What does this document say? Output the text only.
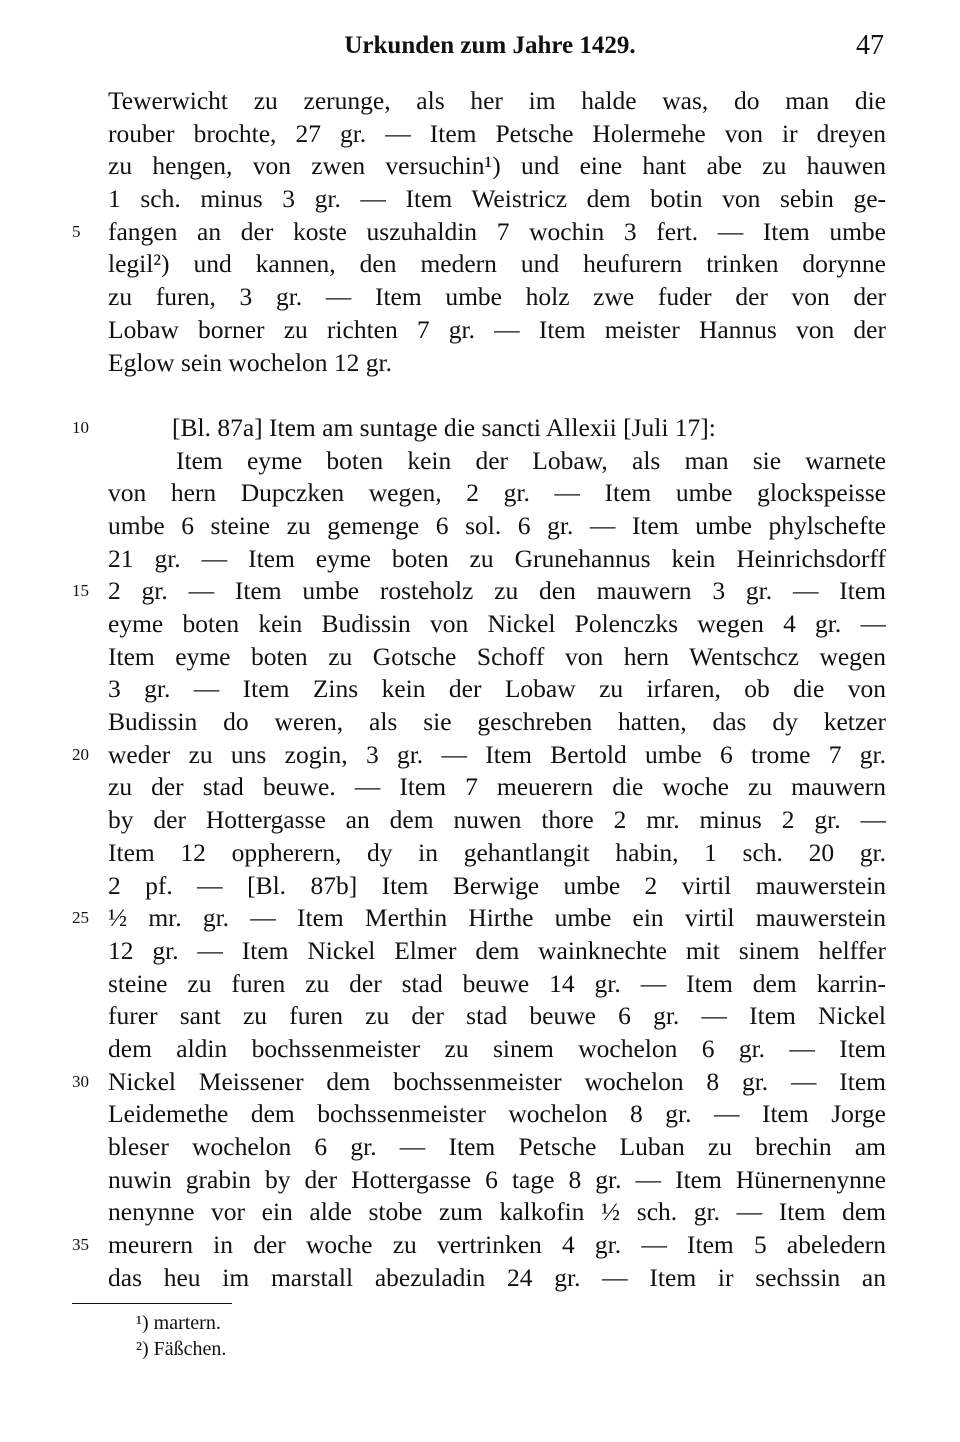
Urkunden zum Jahre 1429.	47
5
10
15
20
25
30
35
Tewerwicht zu zerunge, als her im halde was, do man die
rouber brochte, 27 gr. — Item Petsche Holermehe von ir dreyen
zu hengen, von zwen versuchin¹) und eine hant abe zu hauwen
1 sch. minus 3 gr. — Item Weistricz dem botin von sebin ge-
fangen an der koste uszuhaldin 7 wochin 3 fert. — Item umbe
legil²) und kannen, den medern und heufurern trinken dorynne
zu furen, 3 gr. — Item umbe holz zwe fuder der von der
Lobaw borner zu richten 7 gr. — Item meister Hannus von der
Eglow sein wochelon 12 gr.
[Bl. 87a] Item am suntage die sancti Allexii [Juli 17]:
Item eyme boten kein der Lobaw, als man sie warnete
von hern Dupczken wegen, 2 gr. — Item umbe glockspeisse
umbe 6 steine zu gemenge 6 sol. 6 gr. — Item umbe phylschefte
21 gr. — Item eyme boten zu Grunehannus kein Heinrichsdorff
2 gr. — Item umbe rosteholz zu den mauwern 3 gr. — Item
eyme boten kein Budissin von Nickel Polenczks wegen 4 gr. —
Item eyme boten zu Gotsche Schoff von hern Wentschcz wegen
3 gr. — Item Zins kein der Lobaw zu irfaren, ob die von
Budissin do weren, als sie geschreben hatten, das dy ketzer
weder zu uns zogin, 3 gr. — Item Bertold umbe 6 trome 7 gr.
zu der stad beuwe. — Item 7 meuerern die woche zu mauwern
by der Hottergasse an dem nuwen thore 2 mr. minus 2 gr. —
Item 12 oppherern, dy in gehantlangit habin, 1 sch. 20 gr.
2 pf. — [Bl. 87b] Item Berwige umbe 2 virtil mauwerstein
½ mr. gr. — Item Merthin Hirthe umbe ein virtil mauwerstein
12 gr. — Item Nickel Elmer dem wainknechte mit sinem helffer
steine zu furen zu der stad beuwe 14 gr. — Item dem karrin-
furer sant zu furen zu der stad beuwe 6 gr. — Item Nickel
dem aldin bochssenmeister zu sinem wochelon 6 gr. — Item
Nickel Meissener dem bochssenmeister wochelon 8 gr. — Item
Leidemethe dem bochssenmeister wochelon 8 gr. — Item Jorge
bleser wochelon 6 gr. — Item Petsche Luban zu brechin am
nuwin grabin by der Hottergasse 6 tage 8 gr. — Item Hünernenynne
nenynne vor ein alde stobe zum kalkofin ½ sch. gr. — Item dem
meurern in der woche zu vertrinken 4 gr. — Item 5 abeledern
das heu im marstall abezuladin 24 gr. — Item ir sechssin an
¹) martern.
²) Fäßchen.
